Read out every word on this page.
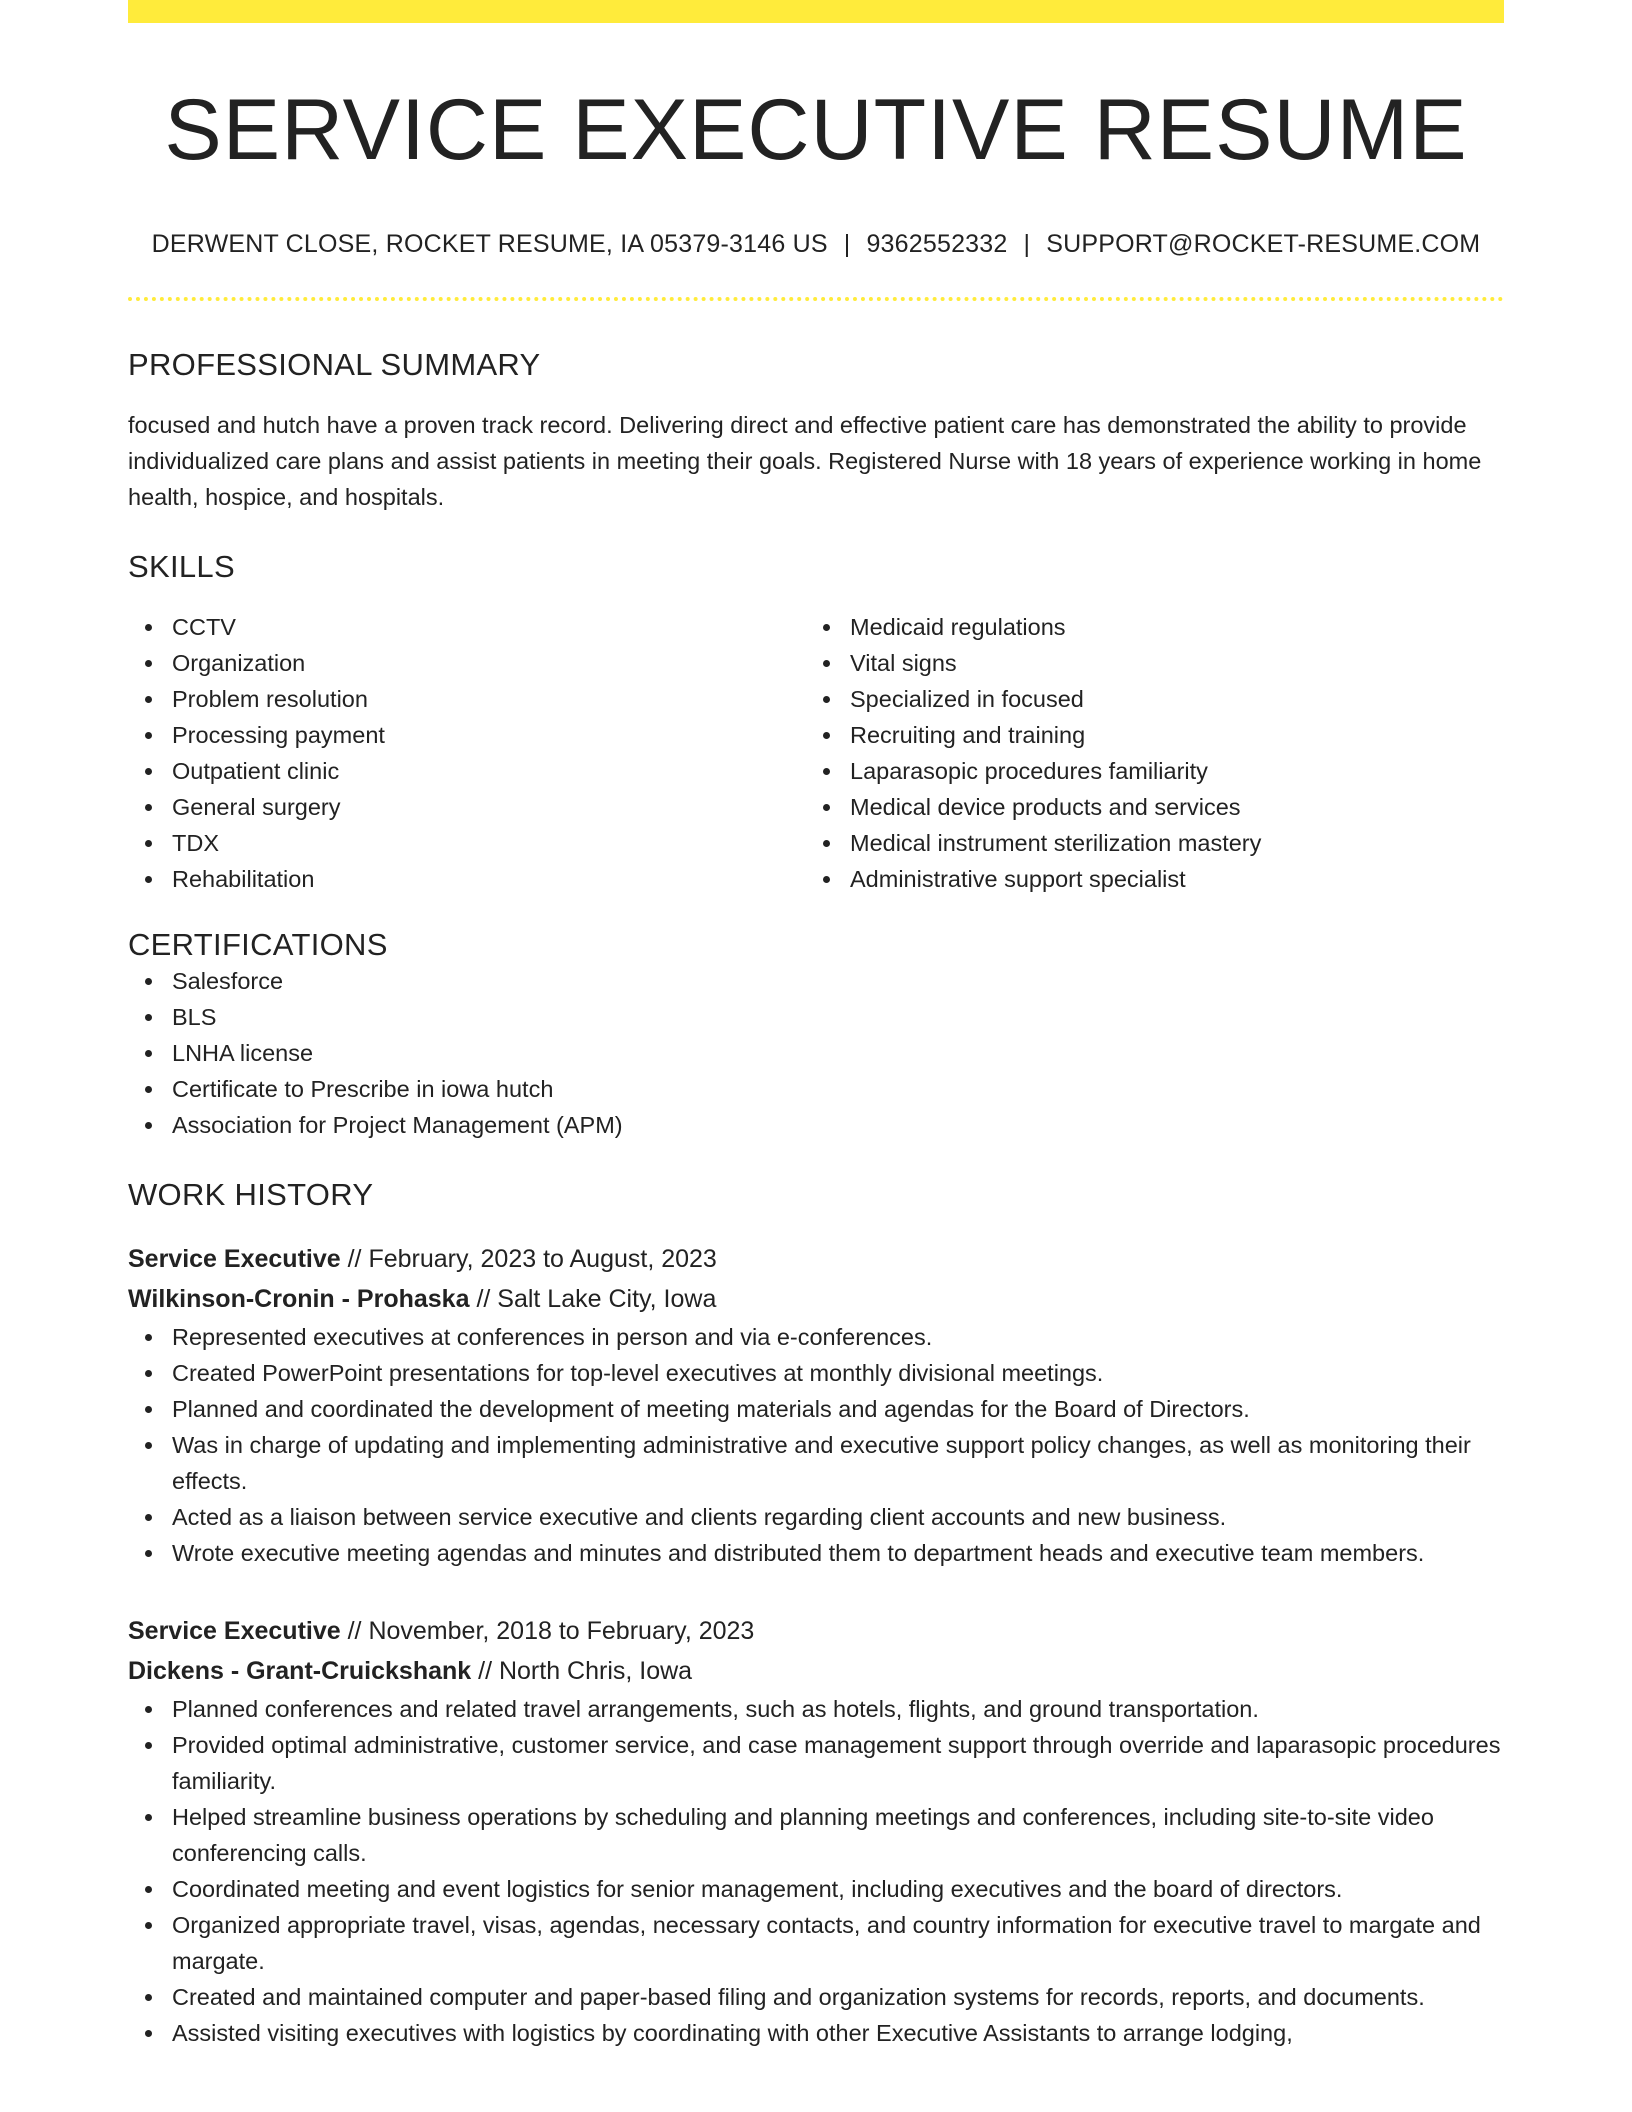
SERVICE EXECUTIVE RESUME
DERWENT CLOSE, ROCKET RESUME, IA 05379-3146 US | 9362552332 | SUPPORT@ROCKET-RESUME.COM
PROFESSIONAL SUMMARY

focused and hutch have a proven track record. Delivering direct and effective patient care has demonstrated the ability to provide individualized care plans and assist patients in meeting their goals. Registered Nurse with 18 years of experience working in home health, hospice, and hospitals.

SKILLS
CCTV
Organization
Problem resolution
Processing payment
Outpatient clinic
General surgery
TDX
Rehabilitation
Medicaid regulations
Vital signs
Specialized in focused
Recruiting and training
Laparasopic procedures familiarity
Medical device products and services
Medical instrument sterilization mastery
Administrative support specialist
CERTIFICATIONS
Salesforce
BLS
LNHA license
Certificate to Prescribe in iowa hutch
Association for Project Management (APM)
WORK HISTORY
Service Executive // February, 2023 to August, 2023
Wilkinson-Cronin - Prohaska // Salt Lake City, Iowa
Represented executives at conferences in person and via e-conferences.
Created PowerPoint presentations for top-level executives at monthly divisional meetings.
Planned and coordinated the development of meeting materials and agendas for the Board of Directors.
Was in charge of updating and implementing administrative and executive support policy changes, as well as monitoring their effects.
Acted as a liaison between service executive and clients regarding client accounts and new business.
Wrote executive meeting agendas and minutes and distributed them to department heads and executive team members.
Service Executive // November, 2018 to February, 2023
Dickens - Grant-Cruickshank // North Chris, Iowa
Planned conferences and related travel arrangements, such as hotels, flights, and ground transportation.
Provided optimal administrative, customer service, and case management support through override and laparasopic procedures familiarity.
Helped streamline business operations by scheduling and planning meetings and conferences, including site-to-site video conferencing calls.
Coordinated meeting and event logistics for senior management, including executives and the board of directors.
Organized appropriate travel, visas, agendas, necessary contacts, and country information for executive travel to margate and margate.
Created and maintained computer and paper-based filing and organization systems for records, reports, and documents.
Assisted visiting executives with logistics by coordinating with other Executive Assistants to arrange lodging,
